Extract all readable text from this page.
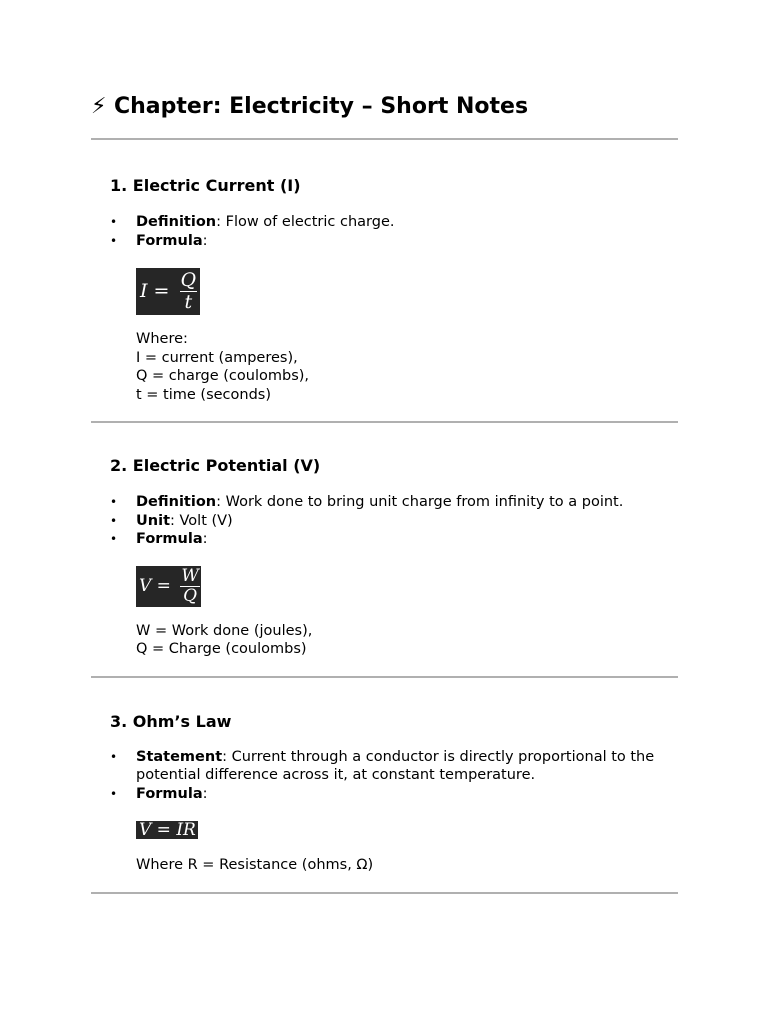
⚡ Chapter: Electricity – Short Notes
1. Electric Current (I)
• Definition: Flow of electric charge.
• Formula:
$I = \frac{Q}{t}$
Where:
I = current (amperes),
Q = charge (coulombs),
t = time (seconds)
2. Electric Potential (V)
• Definition: Work done to bring unit charge from infinity to a point.
• Unit: Volt (V)
• Formula:
$V = \frac{W}{Q}$
W = Work done (joules),
Q = Charge (coulombs)
3. Ohm’s Law
• Statement: Current through a conductor is directly proportional to the potential difference across it, at constant temperature.
• Formula:
V = IR
Where R = Resistance (ohms, Ω)
